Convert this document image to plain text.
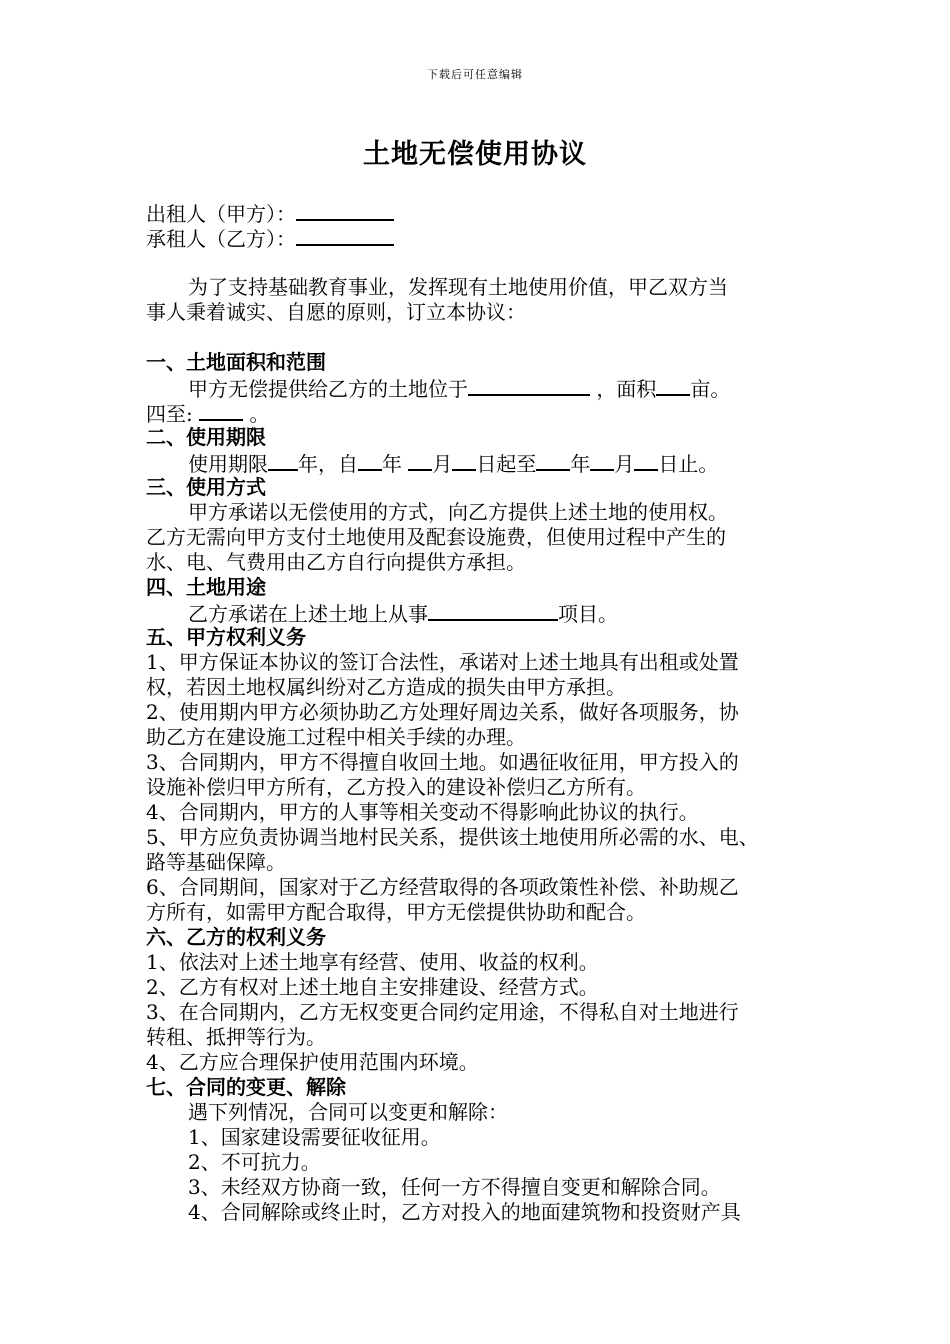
下载后可任意编辑
土地无偿使用协议
出租人（甲方）：
承租人（乙方）：
为了支持基础教育事业，发挥现有土地使用价值，甲乙双方当
事人秉着诚实、自愿的原则，订立本协议：
一、土地面积和范围
甲方无偿提供给乙方的土地位于	，面积 亩。
四至:	。
二、使用期限
使用期限 年，自 年 月 日起至 年 月 日止。
三、使用方式
甲方承诺以无偿使用的方式，向乙方提供上述土地的使用权。
乙方无需向甲方支付土地使用及配套设施费，但使用过程中产生的
水、电、气费用由乙方自行向提供方承担。
四、土地用途
乙方承诺在上述土地上从事	项目。
五、甲方权利义务
1、甲方保证本协议的签订合法性，承诺对上述土地具有出租或处置
权，若因土地权属纠纷对乙方造成的损失由甲方承担。
2、使用期内甲方必须协助乙方处理好周边关系，做好各项服务，协
助乙方在建设施工过程中相关手续的办理。
3、合同期内，甲方不得擅自收回土地。如遇征收征用，甲方投入的
设施补偿归甲方所有，乙方投入的建设补偿归乙方所有。
4、合同期内，甲方的人事等相关变动不得影响此协议的执行。
5、甲方应负责协调当地村民关系，提供该土地使用所必需的水、电、
路等基础保障。
6、合同期间，国家对于乙方经营取得的各项政策性补偿、补助规乙
方所有，如需甲方配合取得，甲方无偿提供协助和配合。
六、乙方的权利义务
1、依法对上述土地享有经营、使用、收益的权利。
2、乙方有权对上述土地自主安排建设、经营方式。
3、在合同期内，乙方无权变更合同约定用途，不得私自对土地进行
转租、抵押等行为。
4、乙方应合理保护使用范围内环境。
七、合同的变更、解除
遇下列情况，合同可以变更和解除：
1、国家建设需要征收征用。
2、不可抗力。
3、未经双方协商一致，任何一方不得擅自变更和解除合同。
4、合同解除或终止时，乙方对投入的地面建筑物和投资财产具
